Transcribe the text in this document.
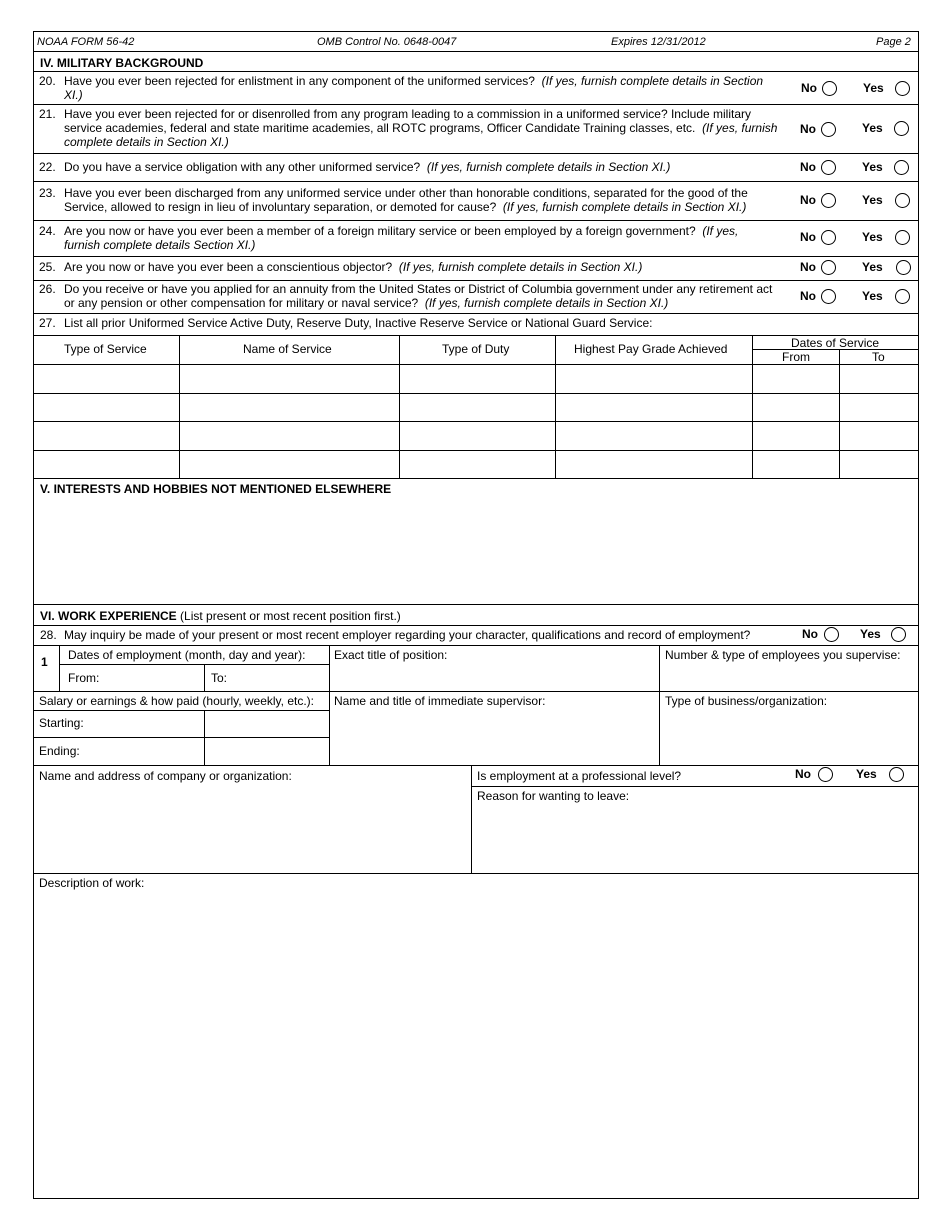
NOAA FORM 56-42	OMB Control No. 0648-0047	Expires 12/31/2012	Page 2
IV. MILITARY BACKGROUND
20. Have you ever been rejected for enlistment in any component of the uniformed services? (If yes, furnish complete details in Section XI.)	No	Yes
21. Have you ever been rejected for or disenrolled from any program leading to a commission in a uniformed service? Include military service academies, federal and state maritime academies, all ROTC programs, Officer Candidate Training classes, etc. (If yes, furnish complete details in Section XI.)
No	Yes
22. Do you have a service obligation with any other uniformed service? (If yes, furnish complete details in Section XI.)	No	Yes
23. Have you ever been discharged from any uniformed service under other than honorable conditions, separated for the good of the Service, allowed to resign in lieu of involuntary separation, or demoted for cause? (If yes, furnish complete details in Section XI.)	No	Yes
24. Are you now or have you ever been a member of a foreign military service or been employed by a foreign government? (If yes, furnish complete details Section XI.)
No	Yes
25. Are you now or have you ever been a conscientious objector? (If yes, furnish complete details in Section XI.)	No	Yes
26. Do you receive or have you applied for an annuity from the United States or District of Columbia government under any retirement act or any pension or other compensation for military or naval service? (If yes, furnish complete details in Section XI.)	No	Yes
27. List all prior Uniformed Service Active Duty, Reserve Duty, Inactive Reserve Service or National Guard Service:
Type of Service	Name of Service	Type of Duty	Highest Pay Grade Achieved	Dates of Service
From	To
V. INTERESTS AND HOBBIES NOT MENTIONED ELSEWHERE
VI. WORK EXPERIENCE (List present or most recent position first.)
28. May inquiry be made of your present or most recent employer regarding your character, qualifications and record of employment?	No	Yes
1 Dates of employment (month, day and year):
From:	To:
Exact title of position:	Number & type of employees you supervise:
Salary or earnings & how paid (hourly, weekly, etc.):
Starting:
Ending:
Name and title of immediate supervisor:	Type of business/organization:
Name and address of company or organization:	Is employment at a professional level?	No	Yes
Reason for wanting to leave:
Description of work:
